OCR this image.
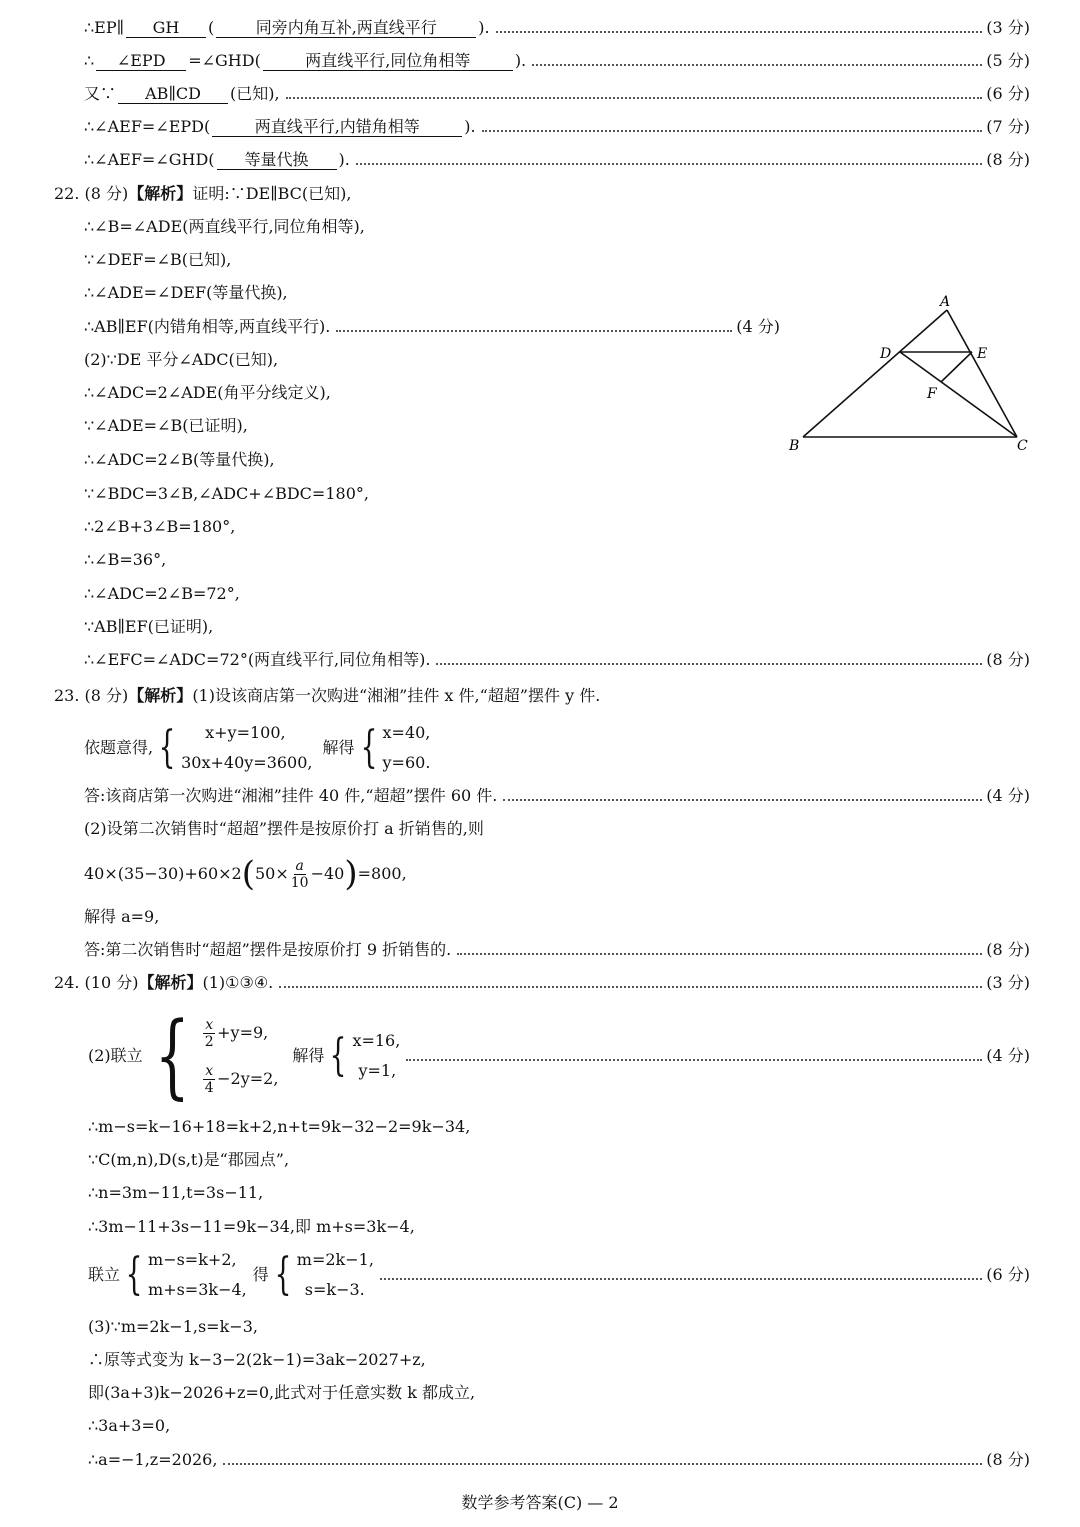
∴EP∥	GH	(	同旁内角互补,两直线平行	).	(3 分)
∴	∠EPD	=∠GHD(	两直线平行,同位角相等	).	(5 分)
又∵	AB∥CD	(已知),	(6 分)
∴∠AEF=∠EPD(	两直线平行,内错角相等	).	(7 分)
∴∠AEF=∠GHD(	等量代换	).	(8 分)
22. (8 分) 【解析】 证明:∵DE∥BC(已知),
∴∠B=∠ADE(两直线平行,同位角相等),
∵∠DEF=∠B(已知),
∴∠ADE=∠DEF(等量代换),
∴AB∥EF(内错角相等,两直线平行).	(4 分)
(2)∵DE 平分∠ADC(已知),
∴∠ADC=2∠ADE(角平分线定义),
∵∠ADE=∠B(已证明),
∴∠ADC=2∠B(等量代换),
∵∠BDC=3∠B,∠ADC+∠BDC=180°,
∴2∠B+3∠B=180°,
∴∠B=36°,
∴∠ADC=2∠B=72°,
∵AB∥EF(已证明),
∴∠EFC=∠ADC=72°(两直线平行,同位角相等).	(8 分)
A
D	E
F
B	C
23. (8 分) 【解析】 (1)设该商店第一次购进“湘湘”挂件 x 件,“超超”摆件 y 件.
依题意得, {	x+y=100,
30x+40y=3600,
解得 { x=40,
y=60.
答:该商店第一次购进“湘湘”挂件 40 件,“超超”摆件 60 件.	(4 分)
(2)设第二次销售时“超超”摆件是按原价打 a 折销售的,则
40×(35−30)+60×2 ( $50\times \frac{a}{10} -40$ ) =800,
解得 a=9,
答:第二次销售时“超超”摆件是按原价打 9 折销售的.	(8 分)
24. (10 分) 【解析】 (1)①③④.	(3 分)
(2)联立 { $\frac{x}{2} +y=9$,
$\frac{x}{4} -2y=2$,
解得 { x=16,
y=1,
(4 分)
∴m−s=k−16+18=k+2,n+t=9k−32−2=9k−34,
∵C(m,n),D(s,t)是“郡园点”,
∴n=3m−11,t=3s−11,
∴3m−11+3s−11=9k−34,即 m+s=3k−4,
联立 { m−s=k+2,
m+s=3k−4,
得 { m=2k−1,
s=k−3.
(6 分)
(3)∵m=2k−1,s=k−3,
∴原等式变为 k−3−2(2k−1)=3ak−2027+z,
即(3a+3)k−2026+z=0,此式对于任意实数 k 都成立,
∴3a+3=0,
∴a=−1,z=2026,	(8 分)
数学参考答案(C) — 2
